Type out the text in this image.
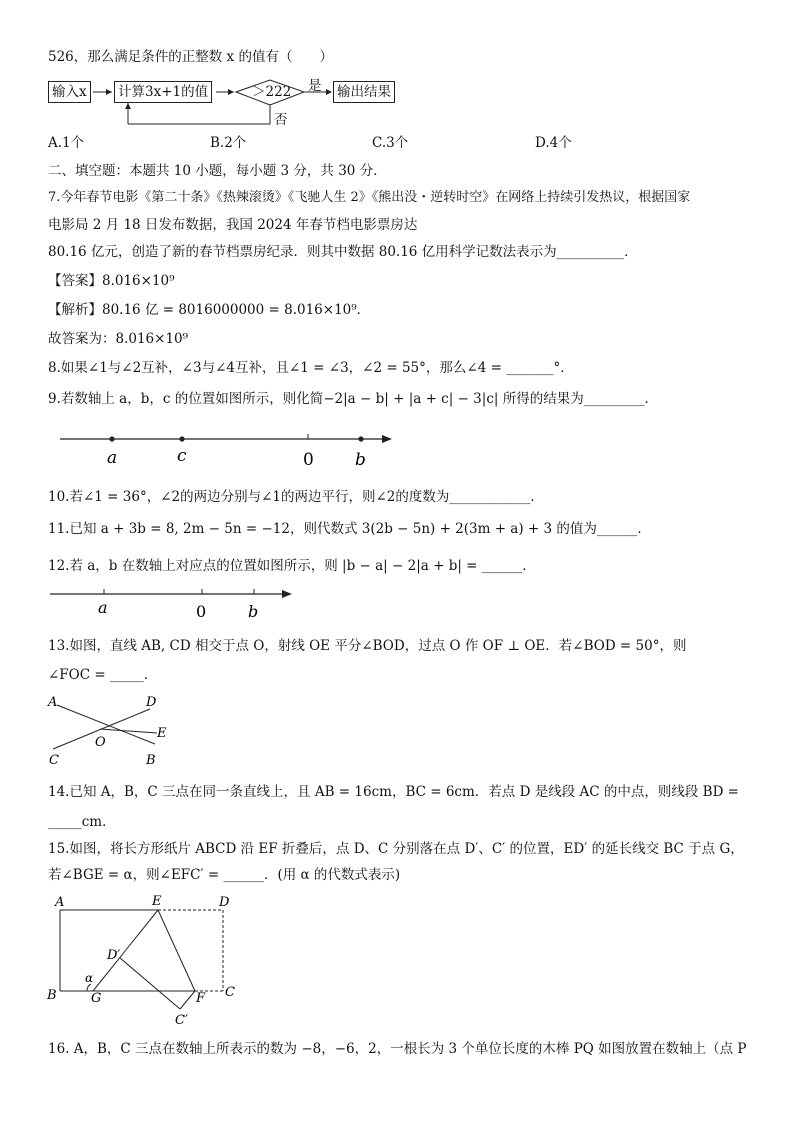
526，那么满足条件的正整数 x 的值有（　　）
输入x 计算3x+1的值	＞222	输出结果
是
否
A.1个	B.2个	C.3个	D.4个
二、填空题：本题共 10 小题，每小题 3 分，共 30 分．
7.今年春节电影《第二十条》《热辣滚烫》《飞驰人生 2》《熊出没・逆转时空》在网络上持续引发热议，根据国家
电影局 2 月 18 日发布数据，我国 2024 年春节档电影票房达
80.16 亿元，创造了新的春节档票房纪录．则其中数据 80.16 亿用科学记数法表示为__________．
【答案】8.016×10⁹
【解析】80.16 亿 = 8016000000 = 8.016×10⁹．
故答案为：8.016×10⁹
8.如果∠1与∠2互补，∠3与∠4互补，且∠1 = ∠3，∠2 = 55°，那么∠4 = _______°．
9.若数轴上 a，b，c 的位置如图所示，则化简−2|a − b| + |a + c| − 3|c| 所得的结果为_________．
a	c	0 b
10.若∠1 = 36°，∠2的两边分别与∠1的两边平行，则∠2的度数为____________．
11.已知 a + 3b = 8, 2m − 5n = −12，则代数式 3(2b − 5n) + 2(3m + a) + 3 的值为______．
12.若 a，b 在数轴上对应点的位置如图所示，则 |b − a| − 2|a + b| = ______．
a	0	b
13.如图，直线 AB, CD 相交于点 O，射线 OE 平分∠BOD，过点 O 作 OF ⊥ OE．若∠BOD = 50°，则
∠FOC = _____．
A	D
E
O
C	B
14.已知 A，B，C 三点在同一条直线上，且 AB = 16cm，BC = 6cm．若点 D 是线段 AC 的中点，则线段 BD =
_____cm．
15.如图，将长方形纸片 ABCD 沿 EF 折叠后，点 D、C 分别落在点 D′、C′ 的位置，ED′ 的延长线交 BC 于点 G，
若∠BGE = α，则∠EFC′ = ______．(用 α 的代数式表示)
A	E	D
D′
α
B	G	F C
C′
16. A，B，C 三点在数轴上所表示的数为 −8，−6，2，一根长为 3 个单位长度的木棒 PQ 如图放置在数轴上（点 P
